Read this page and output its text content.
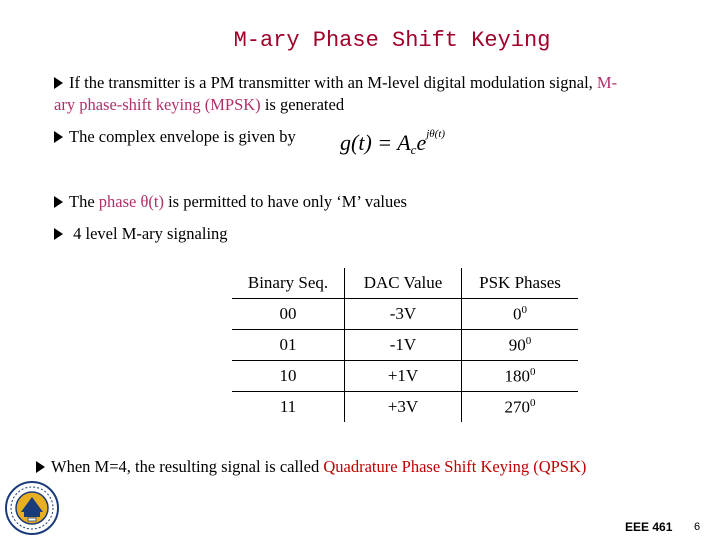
M-ary Phase Shift Keying
If the transmitter is a PM transmitter with an M-level digital modulation signal, M-
ary phase-shift keying (MPSK) is generated
The complex envelope is given by $g(t) = A_ce^{j\theta(t)}$
The phase θ(t) is permitted to have only ‘M’ values
4 level M-ary signaling
Binary Seq.	DAC Value	PSK Phases
00	-3V	$0^0$
01	-1V	$90^0$
10	+1V	$180^0$
11	+3V	$270^0$
When M=4, the resulting signal is called Quadrature Phase Shift Keying (QPSK)
EEE 461 6
